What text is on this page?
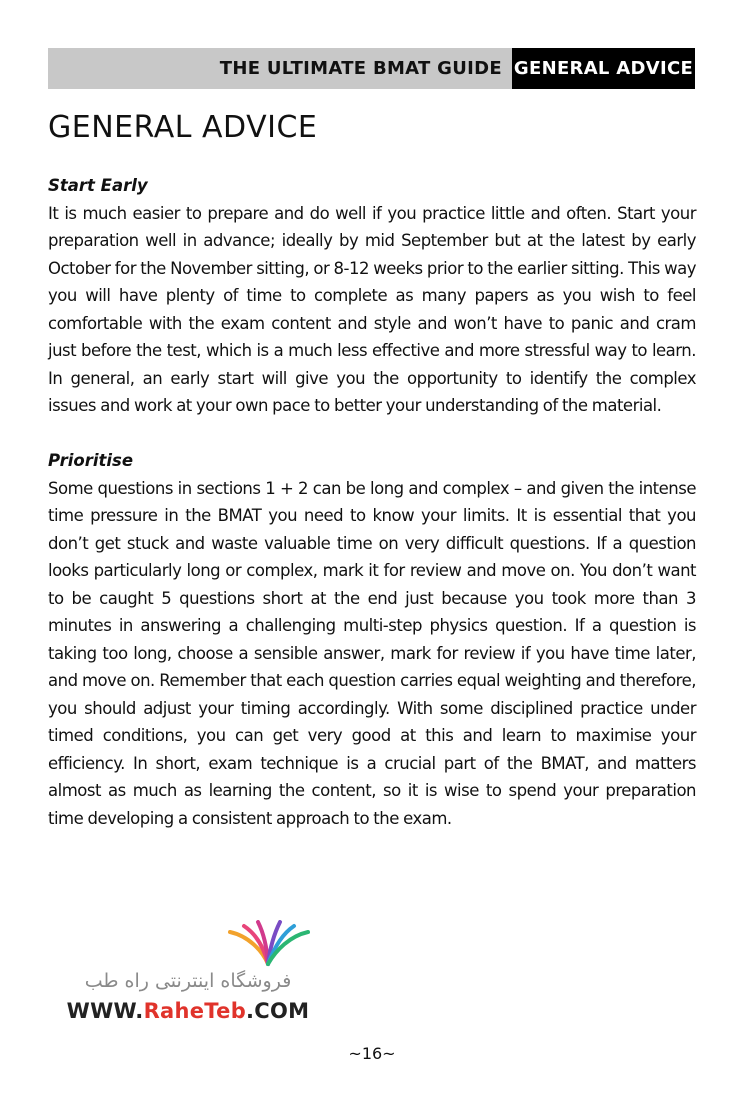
THE ULTIMATE BMAT GUIDE GENERAL ADVICE
GENERAL ADVICE

Start Early

It is much easier to prepare and do well if you practice little and often. Start your preparation well in advance; ideally by mid September but at the latest by early October for the November sitting, or 8-12 weeks prior to the earlier sitting. This way you will have plenty of time to complete as many papers as you wish to feel comfortable with the exam content and style and won’t have to panic and cram just before the test, which is a much less effective and more stressful way to learn. In general, an early start will give you the opportunity to identify the complex issues and work at your own pace to better your understanding of the material.

Prioritise

Some questions in sections 1 + 2 can be long and complex – and given the intense time pressure in the BMAT you need to know your limits. It is essential that you don’t get stuck and waste valuable time on very difficult questions. If a question looks particularly long or complex, mark it for review and move on. You don’t want to be caught 5 questions short at the end just because you took more than 3 minutes in answering a challenging multi-step physics question. If a question is taking too long, choose a sensible answer, mark for review if you have time later, and move on. Remember that each question carries equal weighting and therefore, you should adjust your timing accordingly. With some disciplined practice under timed conditions, you can get very good at this and learn to maximise your efficiency. In short, exam technique is a crucial part of the BMAT, and matters almost as much as learning the content, so it is wise to spend your preparation time developing a consistent approach to the exam.

فروشگاه اینترنتی راه طب
WWW.RaheTeb.COM
~16~
